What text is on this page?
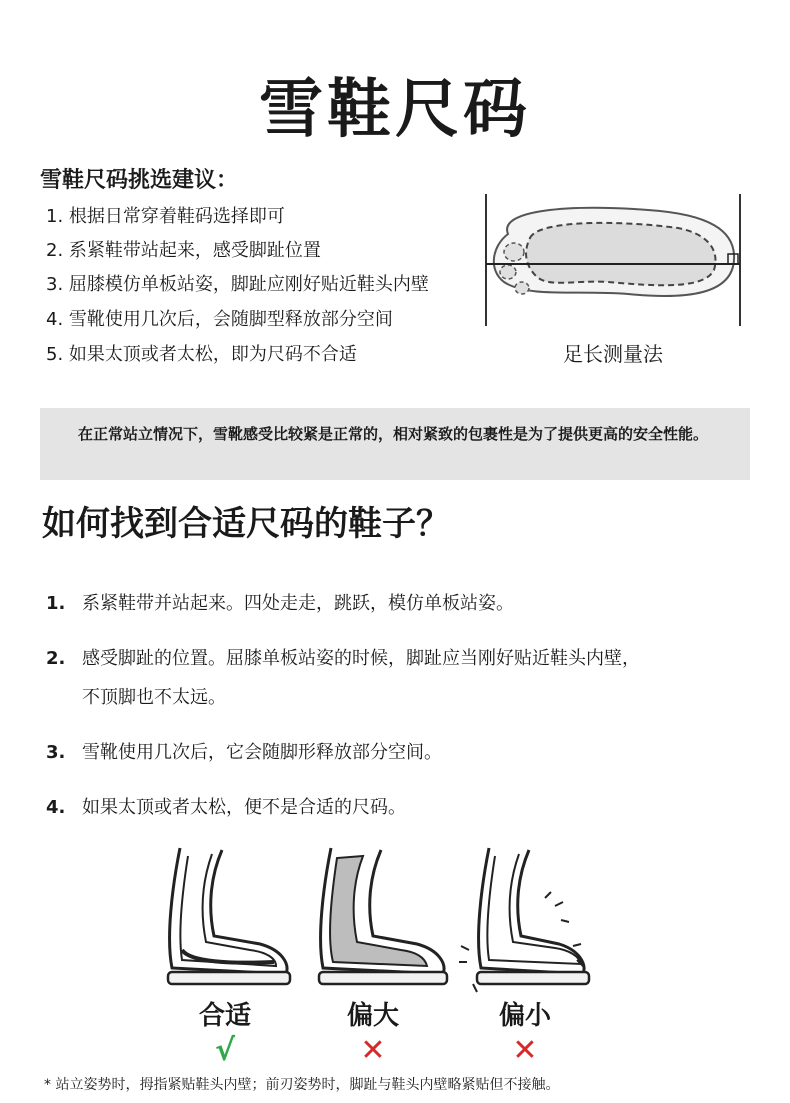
雪鞋尺码
雪鞋尺码挑选建议：
1. 根据日常穿着鞋码选择即可
2. 系紧鞋带站起来，感受脚趾位置
3. 屈膝模仿单板站姿，脚趾应刚好贴近鞋头内壁
4. 雪靴使用几次后，会随脚型释放部分空间
5. 如果太顶或者太松，即为尺码不合适	足长测量法
在正常站立情况下，雪靴感受比较紧是正常的，相对紧致的包裹性是为了提供更高的安全性能。
如何找到合适尺码的鞋子？
1. 系紧鞋带并站起来。四处走走，跳跃，模仿单板站姿。
2. 感受脚趾的位置。屈膝单板站姿的时候，脚趾应当刚好贴近鞋头内壁，
不顶脚也不太远。
3. 雪靴使用几次后，它会随脚形释放部分空间。
4. 如果太顶或者太松，便不是合适的尺码。
合适	偏大	偏小
√	✕	✕
* 站立姿势时，拇指紧贴鞋头内壁；前刃姿势时，脚趾与鞋头内壁略紧贴但不接触。
